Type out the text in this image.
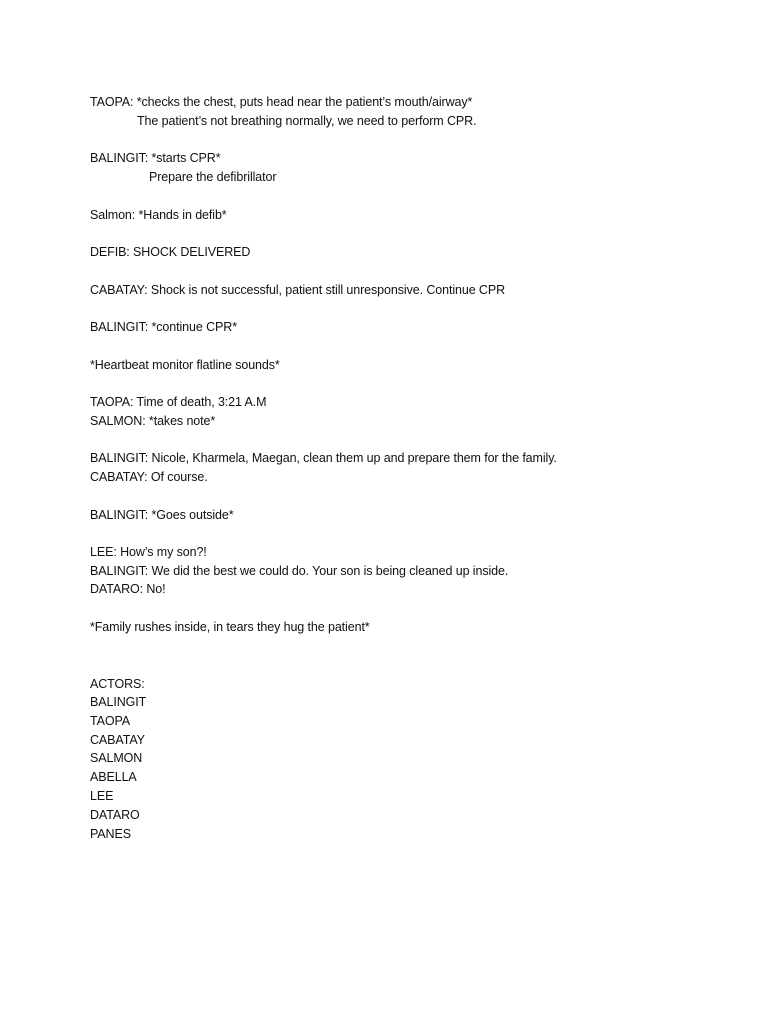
TAOPA: *checks the chest, puts head near the patient’s mouth/airway*
The patient’s not breathing normally, we need to perform CPR.
BALINGIT: *starts CPR*
Prepare the defibrillator
Salmon: *Hands in defib*
DEFIB: SHOCK DELIVERED
CABATAY: Shock is not successful, patient still unresponsive. Continue CPR
BALINGIT: *continue CPR*
*Heartbeat monitor flatline sounds*
TAOPA: Time of death, 3:21 A.M
SALMON: *takes note*
BALINGIT: Nicole, Kharmela, Maegan, clean them up and prepare them for the family.
CABATAY: Of course.
BALINGIT: *Goes outside*
LEE: How’s my son?!
BALINGIT: We did the best we could do. Your son is being cleaned up inside.
DATARO: No!
*Family rushes inside, in tears they hug the patient*
ACTORS:
BALINGIT
TAOPA
CABATAY
SALMON
ABELLA
LEE
DATARO
PANES
